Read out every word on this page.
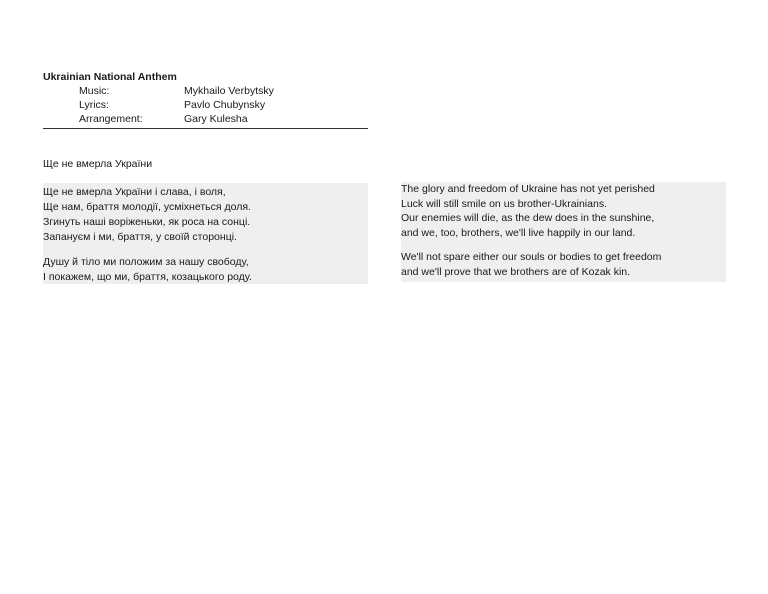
Ukrainian National Anthem
Music:	Mykhailo Verbytsky
Lyrics:	Pavlo Chubynsky
Arrangement:	Gary Kulesha
Ще не вмерла України
Ще не вмерла України і слава, і воля,
Ще нам, браття молодії, усміхнеться доля.
Згинуть наші воріженьки, як роса на сонці.
Запануєм і ми, браття, у своїй сторонці.
Душу й тіло ми положим за нашу свободу,
І покажем, що ми, браття, козацького роду.
The glory and freedom of Ukraine has not yet perished
Luck will still smile on us brother-Ukrainians.
Our enemies will die, as the dew does in the sunshine,
and we, too, brothers, we'll live happily in our land.
We'll not spare either our souls or bodies to get freedom
and we'll prove that we brothers are of Kozak kin.
